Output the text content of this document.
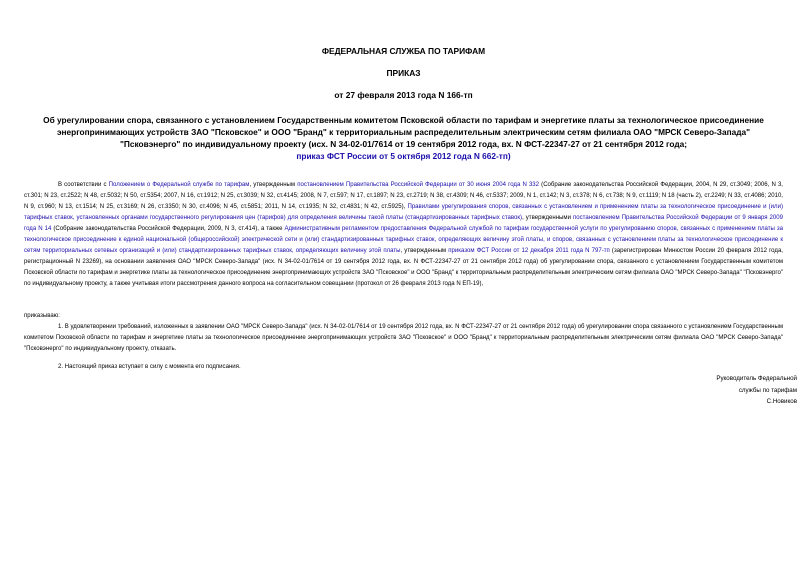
ФЕДЕРАЛЬНАЯ СЛУЖБА ПО ТАРИФАМ
ПРИКАЗ
от 27 февраля 2013 года N 166-тп
Об урегулировании спора, связанного с установлением Государственным комитетом Псковской области по тарифам и энергетике платы за технологическое присоединение энергопринимающих устройств ЗАО "Псковское" и ООО "Бранд" к территориальным распределительным электрическим сетям филиала ОАО "МРСК Северо-Запада" "Псковэнерго" по индивидуальному проекту (исх. N 34-02-01/7614 от 19 сентября 2012 года, вх. N ФСТ-22347-27 от 21 сентября 2012 года;
приказ ФСТ России от 5 октября 2012 года N 662-тп)

В соответствии с Положением о Федеральной службе по тарифам, утвержденным постановлением Правительства Российской Федерации от 30 июня 2004 года N 332 (Собрание законодательства Российской Федерации, 2004, N 29, ст.3049; 2006, N 3, ст.301; N 23, ст.2522; N 48, ст.5032; N 50, ст.5354; 2007, N 16, ст.1912; N 25, ст.3039; N 32, ст.4145; 2008, N 7, ст.597; N 17, ст.1897; N 23, ст.2719; N 38, ст.4309; N 46, ст.5337; 2009, N 1, ст.142; N 3, ст.378; N 6, ст.738; N 9, ст.1119; N 18 (часть 2), ст.2249; N 33, ст.4086; 2010, N 9, ст.960; N 13, ст.1514; N 25, ст.3169; N 26, ст.3350; N 30, ст.4096; N 45, ст.5851; 2011, N 14, ст.1935; N 32, ст.4831; N 42, ст.5925), Правилами урегулирования споров, связанных с установлением и применением платы за технологическое присоединение и (или) тарифных ставок, установленных органами государственного регулирования цен (тарифов) для определения величины такой платы (стандартизированных тарифных ставок), утвержденными постановлением Правительства Российской Федерации от 9 января 2009 года N 14 (Собрание законодательства Российской Федерации, 2009, N 3, ст.414), а также Административным регламентом предоставления Федеральной службой по тарифам государственной услуги по урегулированию споров, связанных с применением платы за технологическое присоединение к единой национальной (общероссийской) электрической сети и (или) стандартизированных тарифных ставок, определяющих величину этой платы, и споров, связанных с установлением платы за технологическое присоединение к сетям территориальных сетевых организаций и (или) стандартизированных тарифных ставок, определяющих величину этой платы, утвержденным приказом ФСТ России от 12 декабря 2011 года N 797-тп (зарегистрирован Минюстом России 20 февраля 2012 года, регистрационный N 23269), на основании заявления ОАО "МРСК Северо-Запада" (исх. N 34-02-01/7614 от 19 сентября 2012 года, вх. N ФСТ-22347-27 от 21 сентября 2012 года) об урегулировании спора, связанного с установлением Государственным комитетом Псковской области по тарифам и энергетике платы за технологическое присоединение энергопринимающих устройств ЗАО "Псковское" и ООО "Бранд" к территориальным распределительным электрическим сетям филиала ОАО "МРСК Северо-Запада" "Псковэнерго" по индивидуальному проекту, а также учитывая итоги рассмотрения данного вопроса на согласительном совещании (протокол от 26 февраля 2013 года N ЕП-19),

приказываю:
1. В удовлетворении требований, изложенных в заявлении ОАО "МРСК Северо-Запада" (исх. N 34-02-01/7614 от 19 сентября 2012 года, вх. N ФСТ-22347-27 от 21 сентября 2012 года) об урегулировании спора связанного с установлением Государственным комитетом Псковской области по тарифам и энергетике платы за технологическое присоединение энергопринимающих устройств ЗАО "Псковское" и ООО "Бранд" к территориальным распределительным электрическим сетям филиала ОАО "МРСК Северо-Запада" "Псковэнерго" по индивидуальному проекту, отказать.
2. Настоящий приказ вступает в силу с момента его подписания.
Руководитель Федеральной
службы по тарифам
С.Новиков
